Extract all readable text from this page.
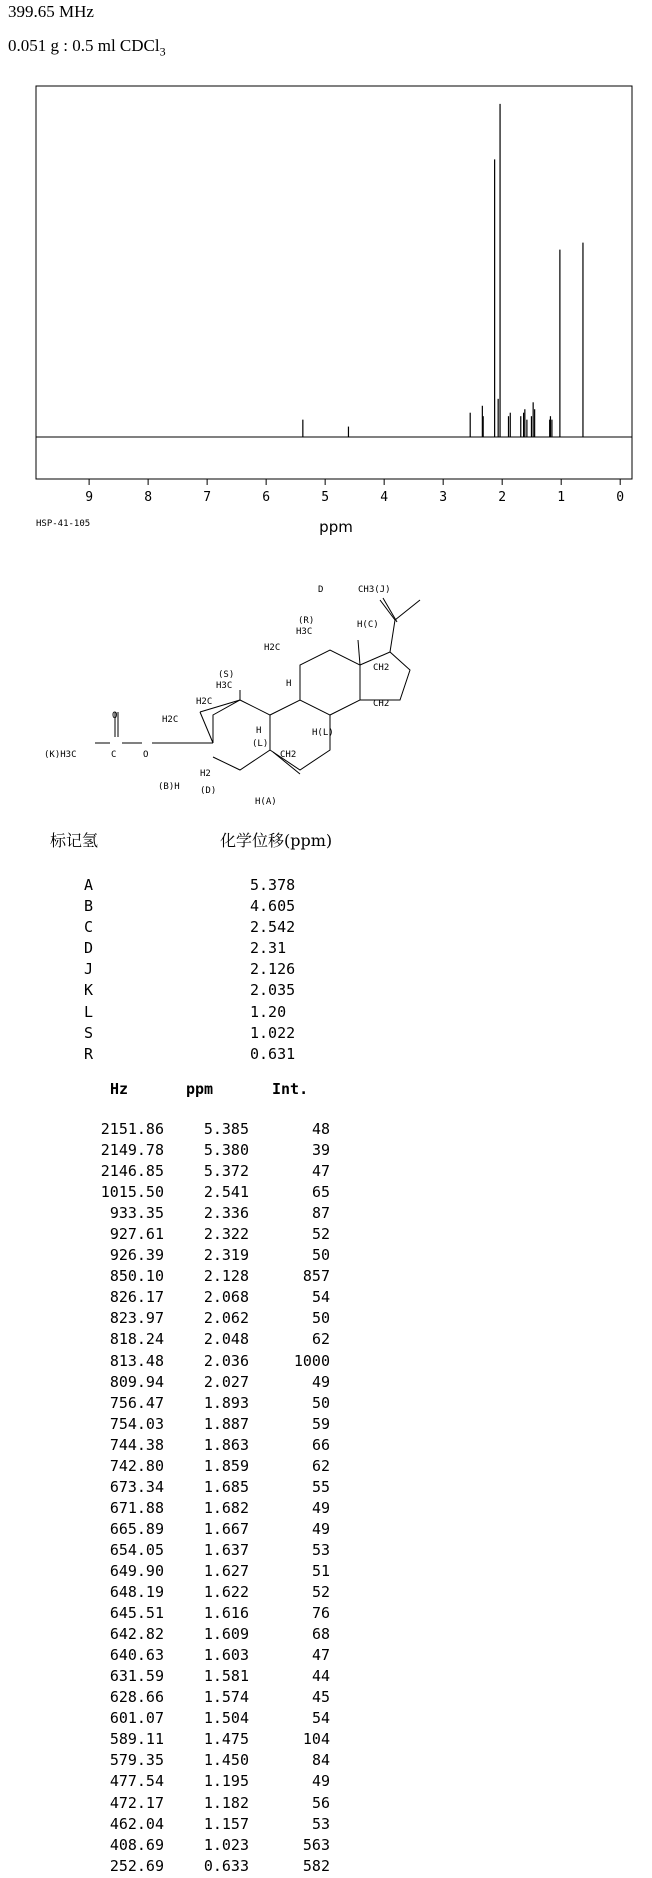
399.65 MHz
0.051 g : 0.5 ml CDCl$_3$
9	8	7	6	5	4	3	2	1	0
ppm
HSP-41-105
D	CH3(J)
(R)
H3C
H(C)
H2C
CH2
(S)
H3C
H2C
H
CH2
H2C
H
(L)
H(L)
O
(K)H3C	C	O	CH2
H2
(B)H (D)
H(A)
标记氢	化学位移(ppm)
A	5.378
B	4.605
C	2.542
D	2.31
J	2.126
K	2.035
L	1.20
S	1.022
R	0.631
Hz	ppm	Int.
2151.86	5.385	48
2149.78	5.380	39
2146.85	5.372	47
1015.50	2.541	65
933.35	2.336	87
927.61	2.322	52
926.39	2.319	50
850.10	2.128	857
826.17	2.068	54
823.97	2.062	50
818.24	2.048	62
813.48	2.036	1000
809.94	2.027	49
756.47	1.893	50
754.03	1.887	59
744.38	1.863	66
742.80	1.859	62
673.34	1.685	55
671.88	1.682	49
665.89	1.667	49
654.05	1.637	53
649.90	1.627	51
648.19	1.622	52
645.51	1.616	76
642.82	1.609	68
640.63	1.603	47
631.59	1.581	44
628.66	1.574	45
601.07	1.504	54
589.11	1.475	104
579.35	1.450	84
477.54	1.195	49
472.17	1.182	56
462.04	1.157	53
408.69	1.023	563
252.69	0.633	582
